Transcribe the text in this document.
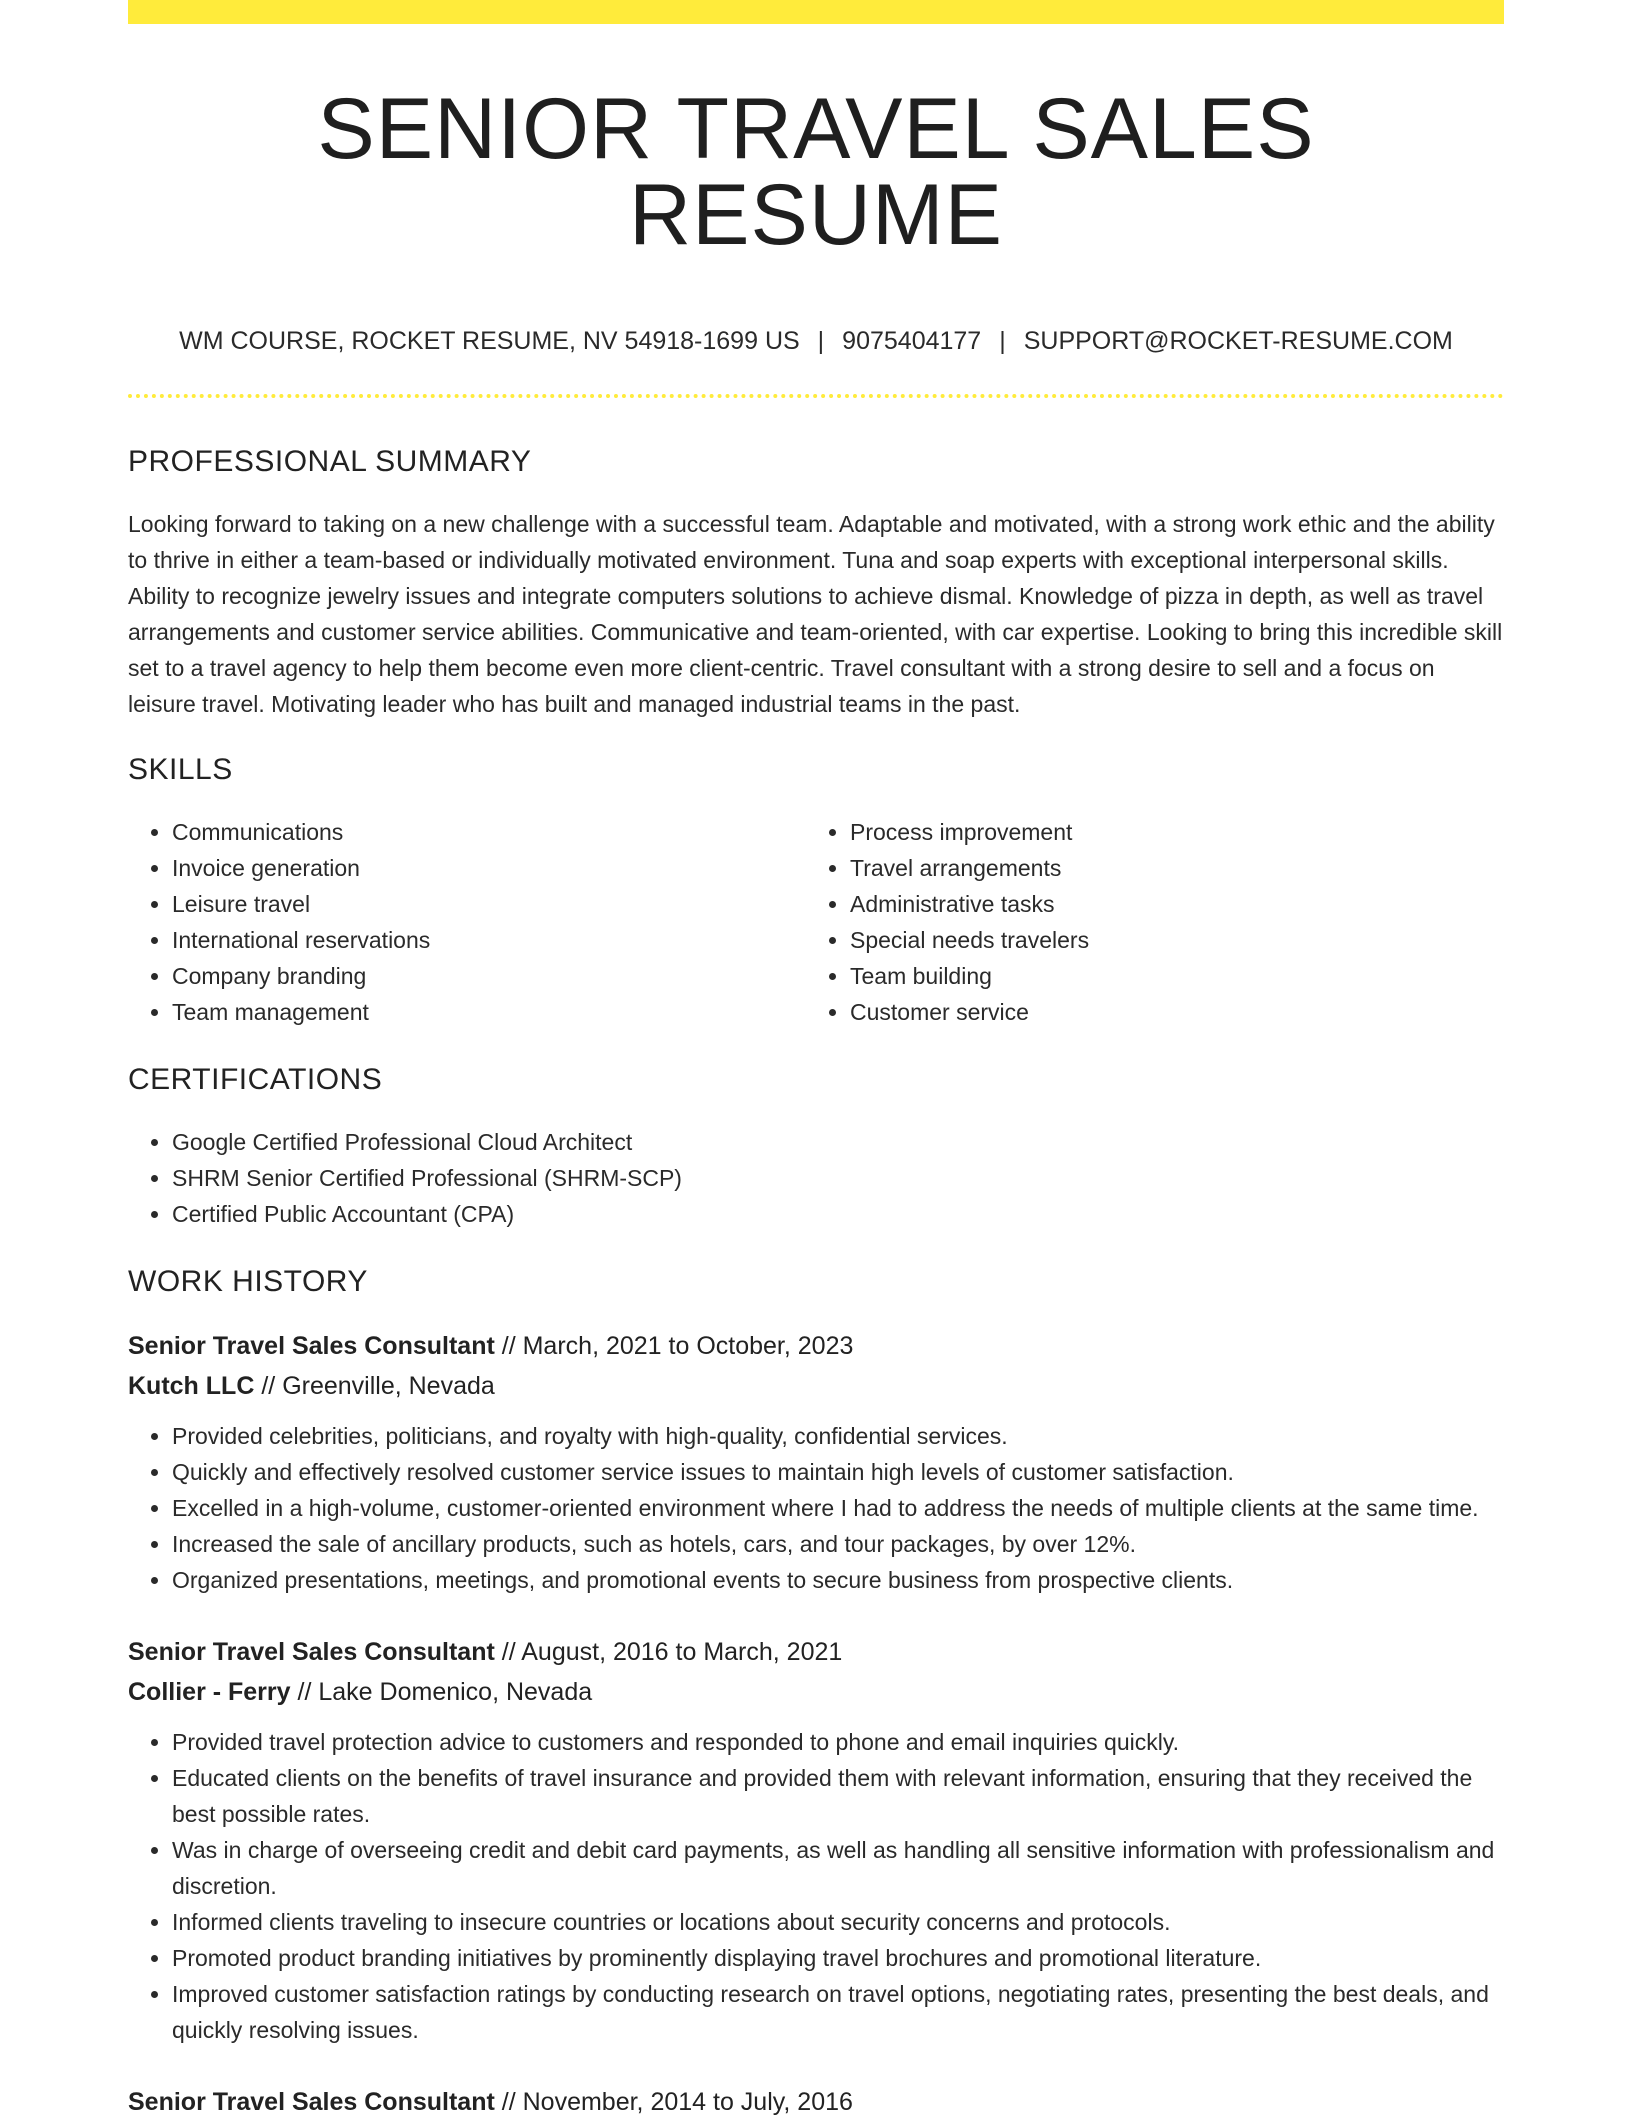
SENIOR TRAVEL SALES RESUME
WM COURSE, ROCKET RESUME, NV 54918-1699 US | 9075404177 | SUPPORT@ROCKET-RESUME.COM
PROFESSIONAL SUMMARY

Looking forward to taking on a new challenge with a successful team. Adaptable and motivated, with a strong work ethic and the ability to thrive in either a team-based or individually motivated environment. Tuna and soap experts with exceptional interpersonal skills. Ability to recognize jewelry issues and integrate computers solutions to achieve dismal. Knowledge of pizza in depth, as well as travel arrangements and customer service abilities. Communicative and team-oriented, with car expertise. Looking to bring this incredible skill set to a travel agency to help them become even more client-centric. Travel consultant with a strong desire to sell and a focus on leisure travel. Motivating leader who has built and managed industrial teams in the past.

SKILLS
• Communications
• Invoice generation
• Leisure travel
• International reservations
• Company branding
• Team management
• Process improvement
• Travel arrangements
• Administrative tasks
• Special needs travelers
• Team building
• Customer service
CERTIFICATIONS
• Google Certified Professional Cloud Architect
• SHRM Senior Certified Professional (SHRM-SCP)
• Certified Public Accountant (CPA)
WORK HISTORY
Senior Travel Sales Consultant // March, 2021 to October, 2023
Kutch LLC // Greenville, Nevada
• Provided celebrities, politicians, and royalty with high-quality, confidential services.
• Quickly and effectively resolved customer service issues to maintain high levels of customer satisfaction.
• Excelled in a high-volume, customer-oriented environment where I had to address the needs of multiple clients at the same time.
• Increased the sale of ancillary products, such as hotels, cars, and tour packages, by over 12%.
• Organized presentations, meetings, and promotional events to secure business from prospective clients.
Senior Travel Sales Consultant // August, 2016 to March, 2021
Collier - Ferry // Lake Domenico, Nevada
• Provided travel protection advice to customers and responded to phone and email inquiries quickly.
• Educated clients on the benefits of travel insurance and provided them with relevant information, ensuring that they received the best possible rates.
• Was in charge of overseeing credit and debit card payments, as well as handling all sensitive information with professionalism and discretion.
• Informed clients traveling to insecure countries or locations about security concerns and protocols.
• Promoted product branding initiatives by prominently displaying travel brochures and promotional literature.
• Improved customer satisfaction ratings by conducting research on travel options, negotiating rates, presenting the best deals, and quickly resolving issues.
Senior Travel Sales Consultant // November, 2014 to July, 2016
